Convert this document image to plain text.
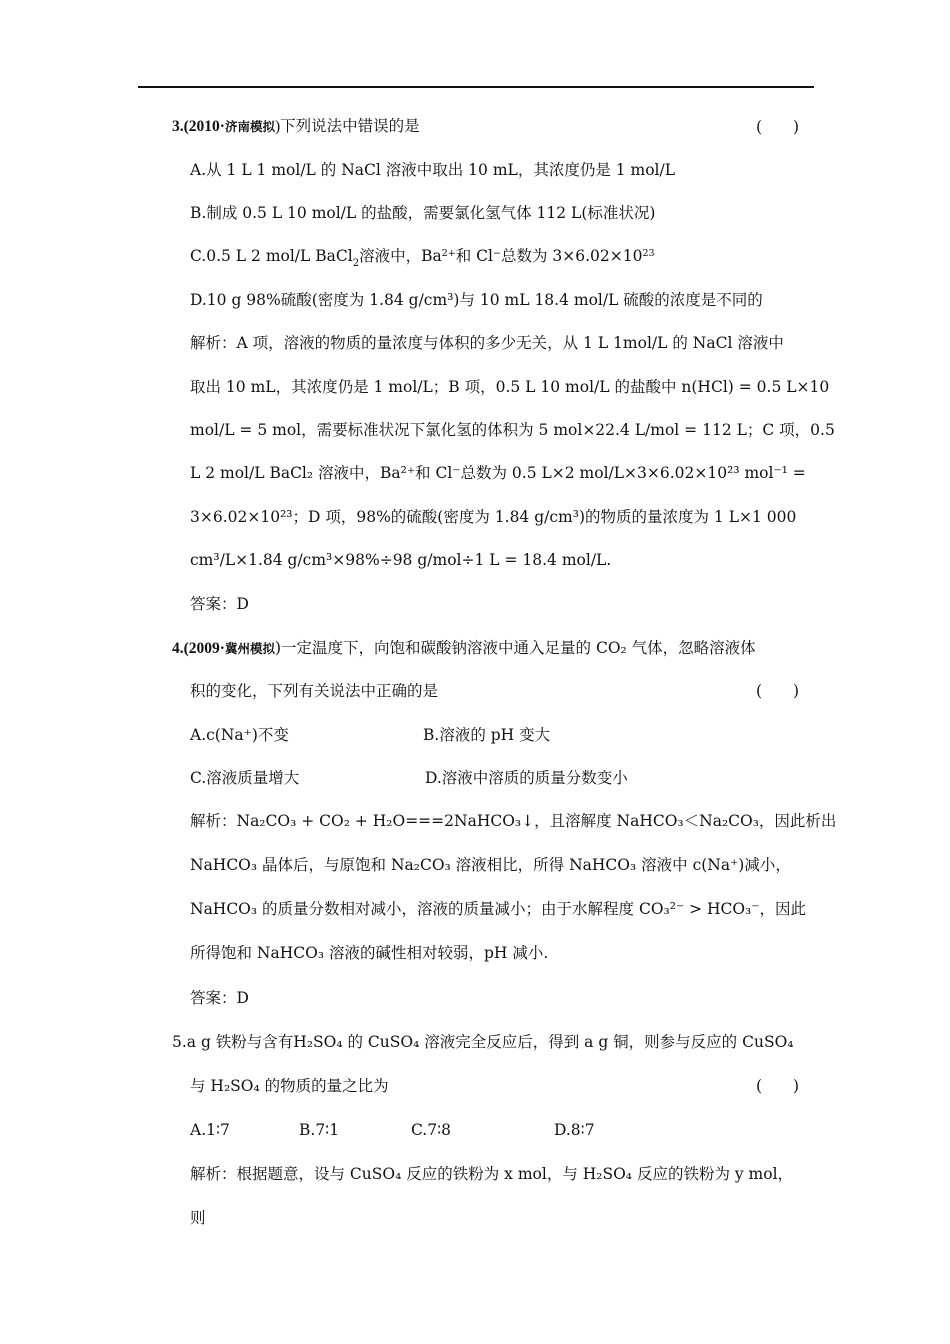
3.(2010·济南模拟)下列说法中错误的是	(　　)
A.从 1 L 1 mol/L 的 NaCl 溶液中取出 10 mL，其浓度仍是 1 mol/L
B.制成 0.5 L 10 mol/L 的盐酸，需要氯化氢气体 112 L(标准状况)
C.0.5 L 2 mol/L BaCl$_2$溶液中，$Ba^{2+}$和 Cl−总数为 $3\times 6.02\times 10^{23}$
D.10 g 98%硫酸(密度为 1.84 g/cm³)与 10 mL 18.4 mol/L 硫酸的浓度是不同的
解析：A 项，溶液的物质的量浓度与体积的多少无关，从 1 L 1mol/L 的 NaCl 溶液中
取出 10 mL，其浓度仍是 1 mol/L；B 项，0.5 L 10 mol/L 的盐酸中 n(HCl) = 0.5 L×10
mol/L = 5 mol，需要标准状况下氯化氢的体积为 5 mol×22.4 L/mol = 112 L；C 项，0.5
L 2 mol/L BaCl₂ 溶液中，Ba²⁺和 Cl⁻总数为 0.5 L×2 mol/L×3×6.02×10²³ mol⁻¹ =
3×6.02×10²³；D 项，98%的硫酸(密度为 1.84 g/cm³)的物质的量浓度为 1 L×1 000
cm³/L×1.84 g/cm³×98%÷98 g/mol÷1 L = 18.4 mol/L.
答案：D
4.(2009·冀州模拟)一定温度下，向饱和碳酸钠溶液中通入足量的 CO₂ 气体，忽略溶液体
积的变化，下列有关说法中正确的是	(　　)
A.c(Na⁺)不变	B.溶液的 pH 变大
C.溶液质量增大	D.溶液中溶质的质量分数变小
解析：Na₂CO₃ + CO₂ + H₂O===2NaHCO₃↓，且溶解度 NaHCO₃＜Na₂CO₃，因此析出
NaHCO₃ 晶体后，与原饱和 Na₂CO₃ 溶液相比，所得 NaHCO₃ 溶液中 c(Na⁺)减小，
NaHCO₃ 的质量分数相对减小，溶液的质量减小；由于水解程度 CO₃²⁻ > HCO₃⁻，因此
所得饱和 NaHCO₃ 溶液的碱性相对较弱，pH 减小.
答案：D
5.a g 铁粉与含有H₂SO₄ 的 CuSO₄ 溶液完全反应后，得到 a g 铜，则参与反应的 CuSO₄
与 H₂SO₄ 的物质的量之比为	(　　)
A.1∶7	B.7∶1	C.7∶8	D.8∶7
解析：根据题意，设与 CuSO₄ 反应的铁粉为 x mol，与 H₂SO₄ 反应的铁粉为 y mol，
则
